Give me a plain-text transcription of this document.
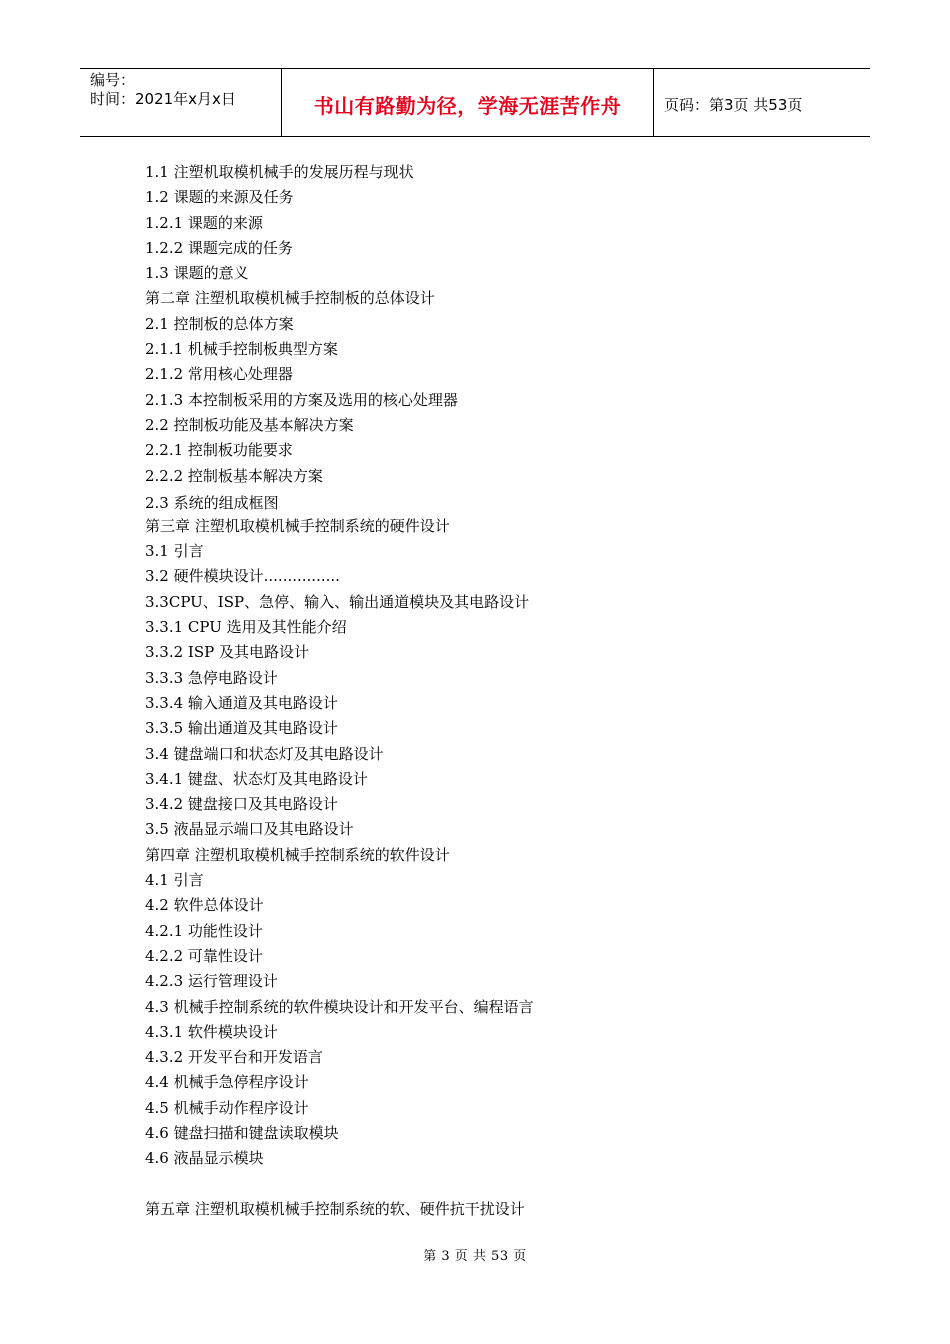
编号：
时间：2021年x月x日	书山有路勤为径，学海无涯苦作舟	页码：第3页 共53页
1.1 注塑机取模机械手的发展历程与现状
1.2 课题的来源及任务
1.2.1 课题的来源
1.2.2 课题完成的任务
1.3 课题的意义
第二章 注塑机取模机械手控制板的总体设计
2.1 控制板的总体方案
2.1.1 机械手控制板典型方案
2.1.2 常用核心处理器
2.1.3 本控制板采用的方案及选用的核心处理器
2.2 控制板功能及基本解决方案
2.2.1 控制板功能要求
2.2.2 控制板基本解决方案
2.3 系统的组成框图
第三章 注塑机取模机械手控制系统的硬件设计
3.1 引言
3.2 硬件模块设计................
3.3CPU、ISP、急停、输入、输出通道模块及其电路设计
3.3.1 CPU 选用及其性能介绍
3.3.2 ISP 及其电路设计
3.3.3 急停电路设计
3.3.4 输入通道及其电路设计
3.3.5 输出通道及其电路设计
3.4 键盘端口和状态灯及其电路设计
3.4.1 键盘、状态灯及其电路设计
3.4.2 键盘接口及其电路设计
3.5 液晶显示端口及其电路设计
第四章 注塑机取模机械手控制系统的软件设计
4.1 引言
4.2 软件总体设计
4.2.1 功能性设计
4.2.2 可靠性设计
4.2.3 运行管理设计
4.3 机械手控制系统的软件模块设计和开发平台、编程语言
4.3.1 软件模块设计
4.3.2 开发平台和开发语言
4.4 机械手急停程序设计
4.5 机械手动作程序设计
4.6 键盘扫描和键盘读取模块
4.6 液晶显示模块
第五章 注塑机取模机械手控制系统的软、硬件抗干扰设计
第 3 页 共 53 页
